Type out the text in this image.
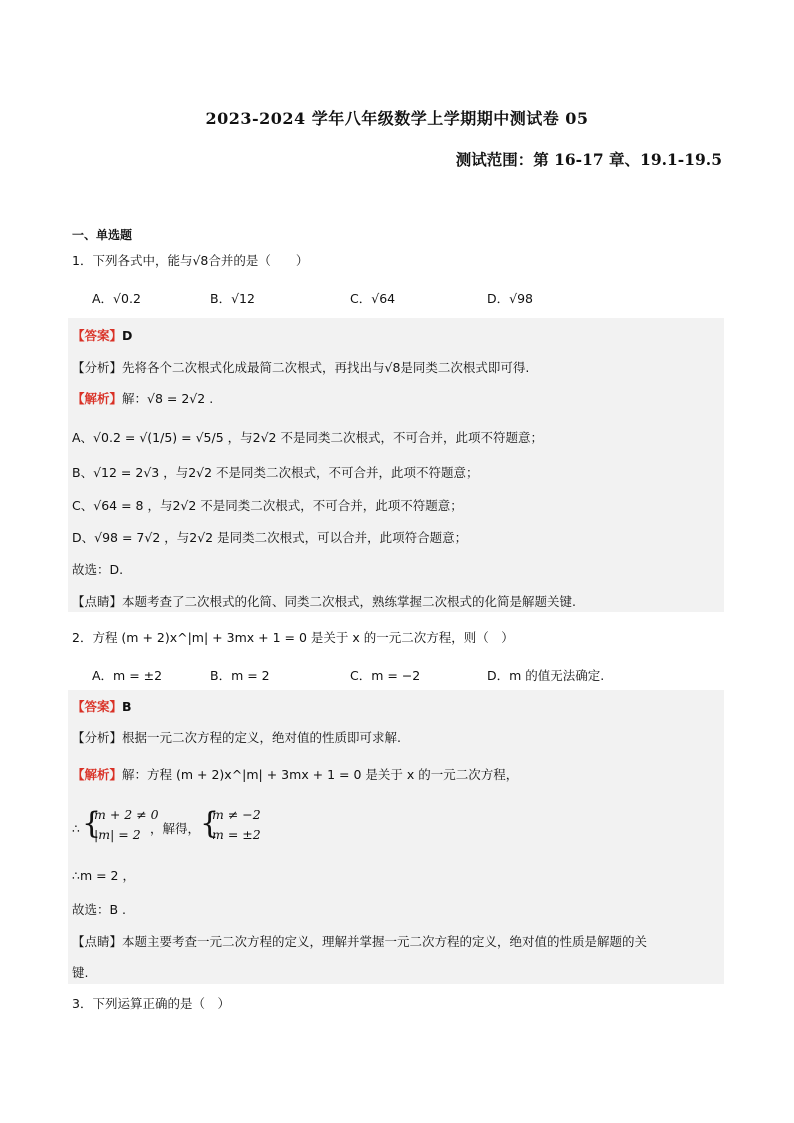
2023-2024 学年八年级数学上学期期中测试卷 05
测试范围：第 16-17 章、19.1-19.5
一、单选题
1．下列各式中，能与√8合并的是（　　）
A．√0.2	B．√12	C．√64	D．√98
【答案】D
【分析】先将各个二次根式化成最简二次根式，再找出与√8是同类二次根式即可得.
【解析】解：√8 = 2√2 .
A、√0.2 = √(1/5) = √5/5 ，与2√2 不是同类二次根式，不可合并，此项不符题意；
B、√12 = 2√3 ，与2√2 不是同类二次根式，不可合并，此项不符题意；
C、√64 = 8 ，与2√2 不是同类二次根式，不可合并，此项不符题意；
D、√98 = 7√2 ，与2√2 是同类二次根式，可以合并，此项符合题意；
故选：D.
【点睛】本题考查了二次根式的化简、同类二次根式，熟练掌握二次根式的化简是解题关键.
2．方程 (m + 2)x^|m| + 3mx + 1 = 0 是关于 x 的一元二次方程，则（　）
A．m = ±2	B．m = 2	C．m = −2	D．m 的值无法确定.
【答案】B
【分析】根据一元二次方程的定义，绝对值的性质即可求解.
【解析】解：方程 (m + 2)x^|m| + 3mx + 1 = 0 是关于 x 的一元二次方程，
∴ {
m + 2 ≠ 0
|m| = 2 ，解得， {
m ≠ −2
m = ±2
∴m = 2 ，
故选：B .
【点睛】本题主要考查一元二次方程的定义，理解并掌握一元二次方程的定义，绝对值的性质是解题的关
键.
3．下列运算正确的是（　）
